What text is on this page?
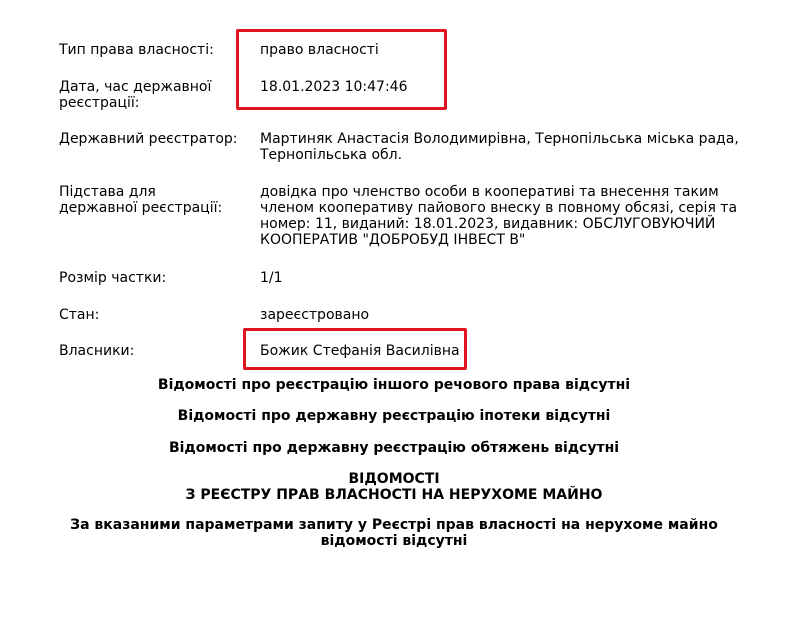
Тип права власності:	право власності
Дата, час державної
реєстрації:
18.01.2023 10:47:46
Державний реєстратор: Мартиняк Анастасія Володимирівна, Тернопільська міська рада,
Тернопільська обл.
Підстава для
державної реєстрації:
довідка про членство особи в кооперативі та внесення таким
членом кооперативу пайового внеску в повному обсязі, серія та
номер: 11, виданий: 18.01.2023, видавник: ОБСЛУГОВУЮЧИЙ
КООПЕРАТИВ "ДОБРОБУД ІНВЕСТ В"
Розмір частки:	1/1
Стан:	зареєстровано
Власники:	Божик Стефанія Василівна
Відомості про реєстрацію іншого речового права відсутні
Відомості про державну реєстрацію іпотеки відсутні
Відомості про державну реєстрацію обтяжень відсутні
ВІДОМОСТІ
З РЕЄСТРУ ПРАВ ВЛАСНОСТІ НА НЕРУХОМЕ МАЙНО
За вказаними параметрами запиту у Реєстрі прав власності на нерухоме майно
відомості відсутні
